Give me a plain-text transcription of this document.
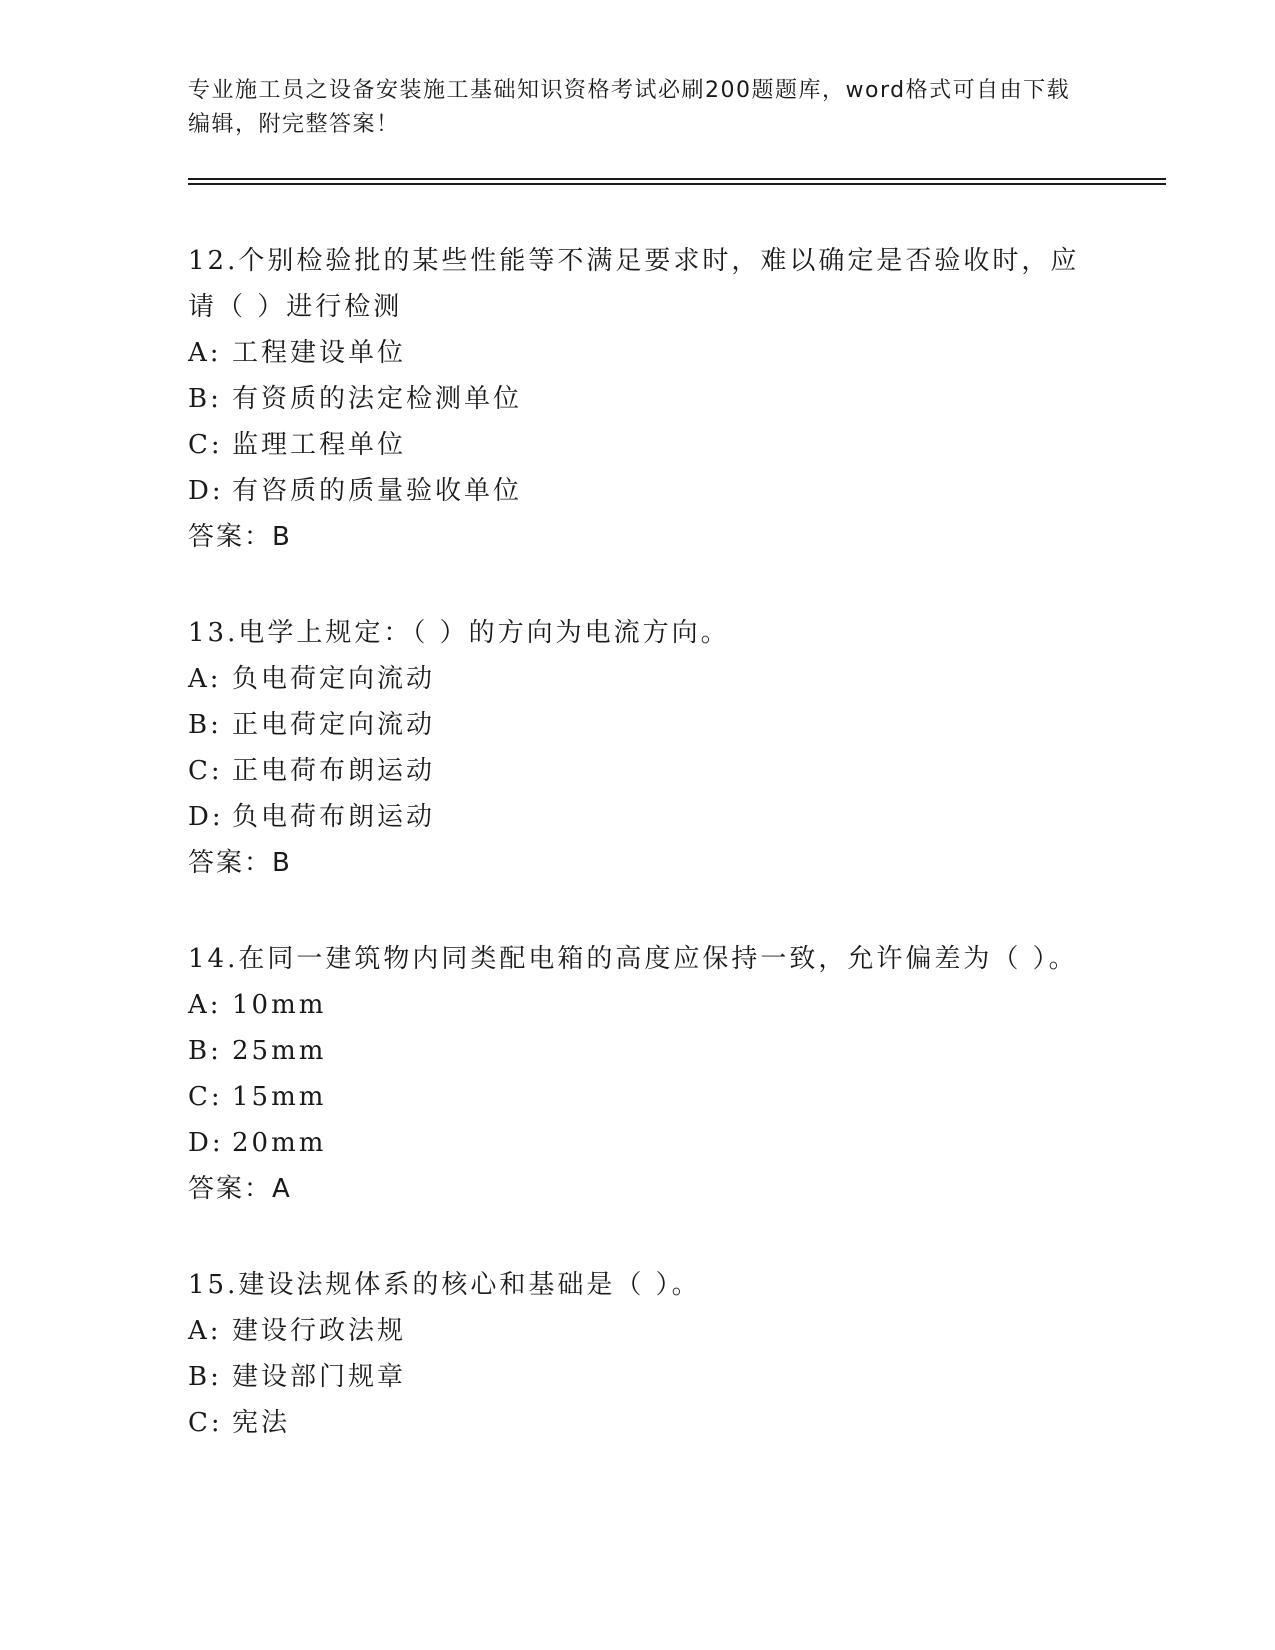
专业施工员之设备安装施工基础知识资格考试必刷200题题库，word格式可自由下载编辑，附完整答案！

12.个别检验批的某些性能等不满足要求时，难以确定是否验收时，应请（ ）进行检测

A: 工程建设单位

B: 有资质的法定检测单位

C: 监理工程单位

D: 有咨质的质量验收单位

答案：B

13.电学上规定：（ ）的方向为电流方向。

A: 负电荷定向流动

B: 正电荷定向流动

C: 正电荷布朗运动

D: 负电荷布朗运动

答案：B

14.在同一建筑物内同类配电箱的高度应保持一致，允许偏差为（ ）。

A: 10mm

B: 25mm

C: 15mm

D: 20mm

答案：A

15.建设法规体系的核心和基础是（ ）。

A: 建设行政法规

B: 建设部门规章

C: 宪法
